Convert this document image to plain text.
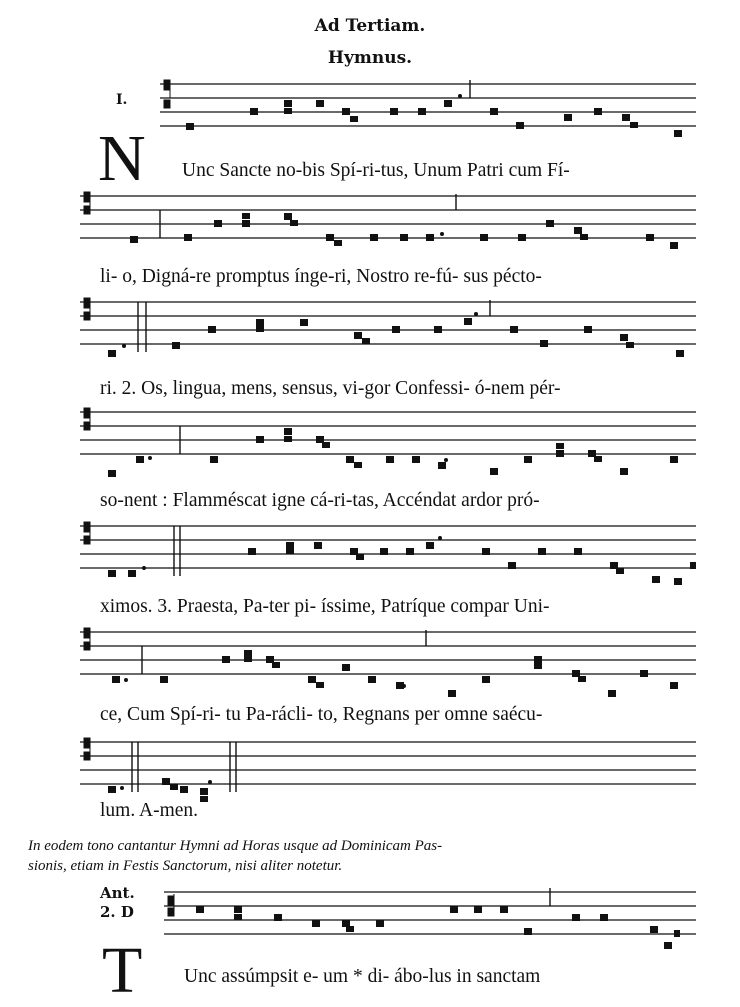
Ad Tertiam.
Hymnus.
I.
N Unc Sancte no-bis Spí-ri-tus, Unum Patri cum Fí-
li- o, Digná-re promptus ínge-ri, Nostro re-fú- sus pécto-
ri. 2. Os, lingua, mens, sensus, vi-gor Confessi- ó-nem pér-
so-nent : Flamméscat igne cá-ri-tas, Accéndat ardor pró-
ximos. 3. Praesta, Pa-ter pi- íssime, Patríque compar Uni-
ce, Cum Spí-ri- tu Pa-rácli- to, Regnans per omne saécu-
lum. A-men.
In eodem tono cantantur Hymni ad Horas usque ad Dominicam Pas-
sionis, etiam in Festis Sanctorum, nisi aliter notetur.
Ant.
2. D
T Unc assúmpsit e- um * di- ábo-lus in sanctam
